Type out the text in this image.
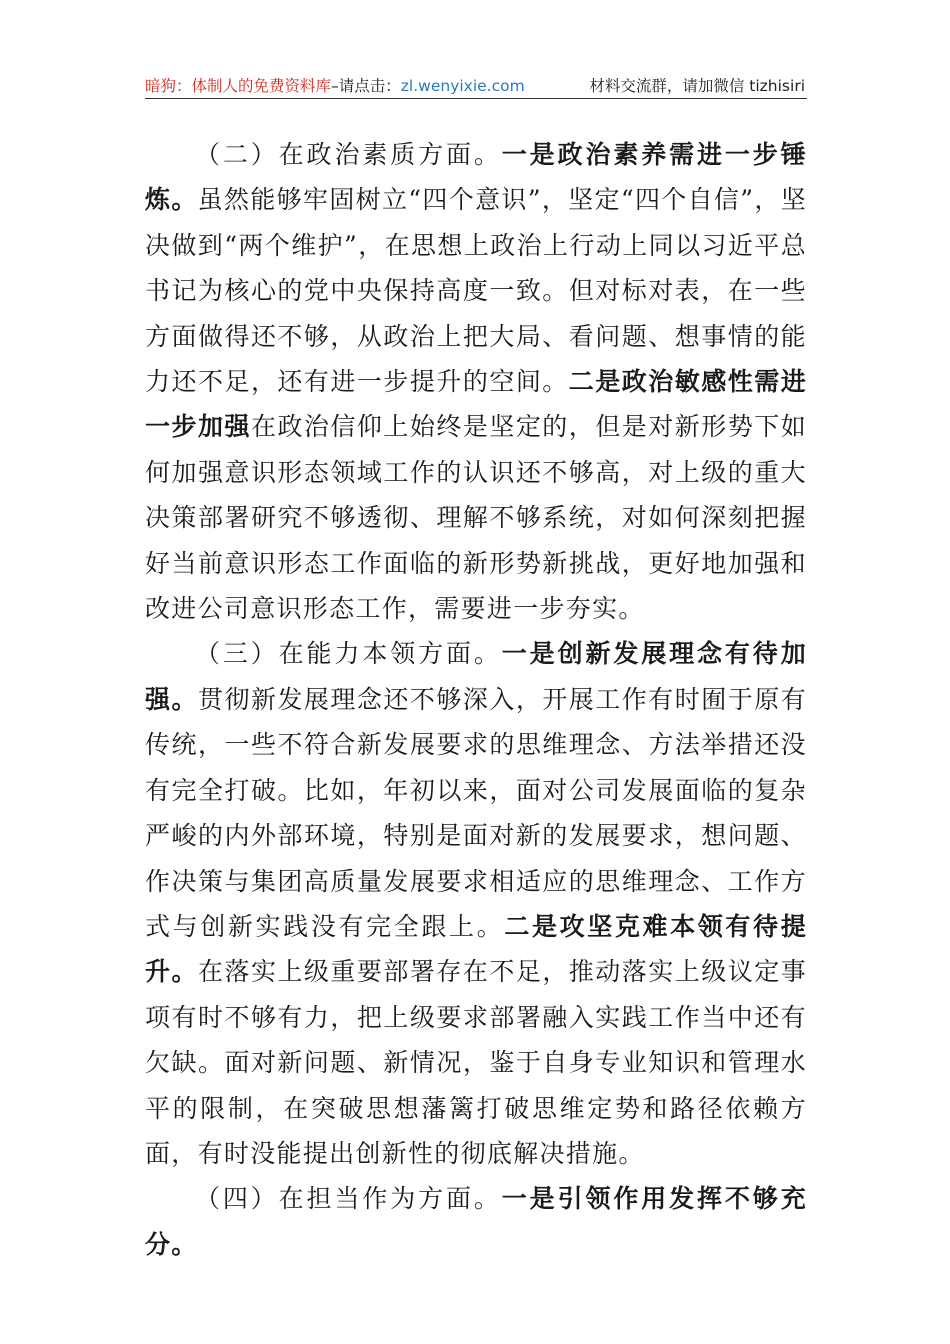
暗狗：体制人的免费资料库–请点击：zl.wenyixie.com	材料交流群，请加微信 tizhisiri

（二）在政治素质方面。一是政治素养需进一步锤炼。虽然能够牢固树立“四个意识”，坚定“四个自信”，坚决做到“两个维护”，在思想上政治上行动上同以习近平总书记为核心的党中央保持高度一致。但对标对表，在一些方面做得还不够，从政治上把大局、看问题、想事情的能力还不足，还有进一步提升的空间。二是政治敏感性需进一步加强在政治信仰上始终是坚定的，但是对新形势下如何加强意识形态领域工作的认识还不够高，对上级的重大决策部署研究不够透彻、理解不够系统，对如何深刻把握好当前意识形态工作面临的新形势新挑战，更好地加强和改进公司意识形态工作，需要进一步夯实。

（三）在能力本领方面。一是创新发展理念有待加强。贯彻新发展理念还不够深入，开展工作有时囿于原有传统，一些不符合新发展要求的思维理念、方法举措还没有完全打破。比如，年初以来，面对公司发展面临的复杂严峻的内外部环境，特别是面对新的发展要求，想问题、作决策与集团高质量发展要求相适应的思维理念、工作方式与创新实践没有完全跟上。二是攻坚克难本领有待提升。在落实上级重要部署存在不足，推动落实上级议定事项有时不够有力，把上级要求部署融入实践工作当中还有欠缺。面对新问题、新情况，鉴于自身专业知识和管理水平的限制，在突破思想藩篱打破思维定势和路径依赖方面，有时没能提出创新性的彻底解决措施。

（四）在担当作为方面。一是引领作用发挥不够充分。
